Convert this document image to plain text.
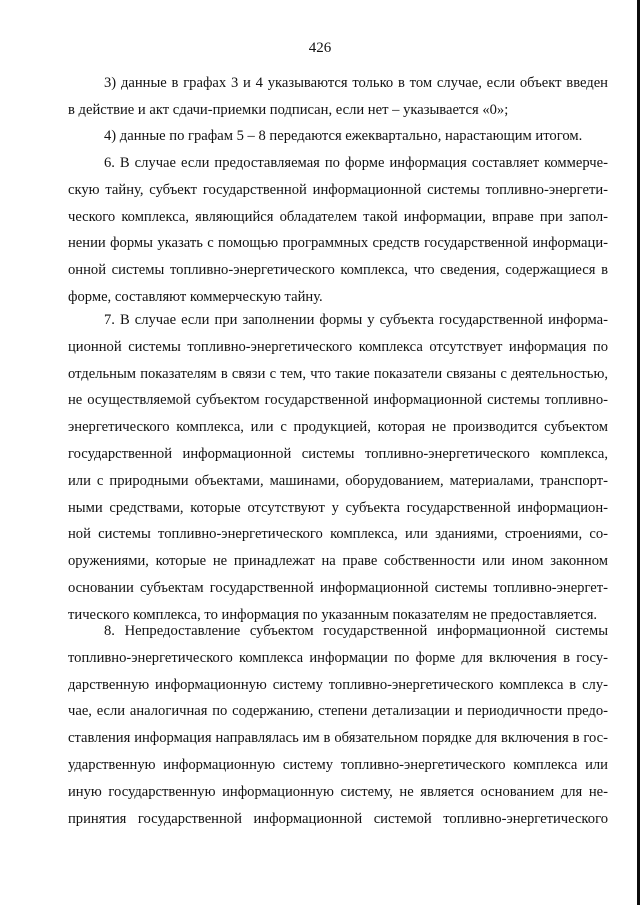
426
3) данные в графах 3 и 4 указываются только в том случае, если объект введен
в действие и акт сдачи-приемки подписан, если нет – указывается «0»;
4) данные по графам 5 – 8 передаются ежеквартально, нарастающим итогом.
6. В случае если предоставляемая по форме информация составляет коммерче-
скую тайну, субъект государственной информационной системы топливно-энергети-
ческого комплекса, являющийся обладателем такой информации, вправе при запол-
нении формы указать с помощью программных средств государственной информаци-
онной системы топливно-энергетического комплекса, что сведения, содержащиеся в
форме, составляют коммерческую тайну.
7. В случае если при заполнении формы у субъекта государственной информа-
ционной системы топливно-энергетического комплекса отсутствует информация по
отдельным показателям в связи с тем, что такие показатели связаны с деятельностью,
не осуществляемой субъектом государственной информационной системы топливно-
энергетического комплекса, или с продукцией, которая не производится субъектом
государственной информационной системы топливно-энергетического комплекса,
или с природными объектами, машинами, оборудованием, материалами, транспорт-
ными средствами, которые отсутствуют у субъекта государственной информацион-
ной системы топливно-энергетического комплекса, или зданиями, строениями, со-
оружениями, которые не принадлежат на праве собственности или ином законном
основании субъектам государственной информационной системы топливно-энергет-
тического комплекса, то информация по указанным показателям не предоставляется.
8. Непредоставление субъектом государственной информационной системы
топливно-энергетического комплекса информации по форме для включения в госу-
дарственную информационную систему топливно-энергетического комплекса в слу-
чае, если аналогичная по содержанию, степени детализации и периодичности предо-
ставления информация направлялась им в обязательном порядке для включения в гос-
ударственную информационную систему топливно-энергетического комплекса или
иную государственную информационную систему, не является основанием для не-
принятия государственной информационной системой топливно-энергетического
